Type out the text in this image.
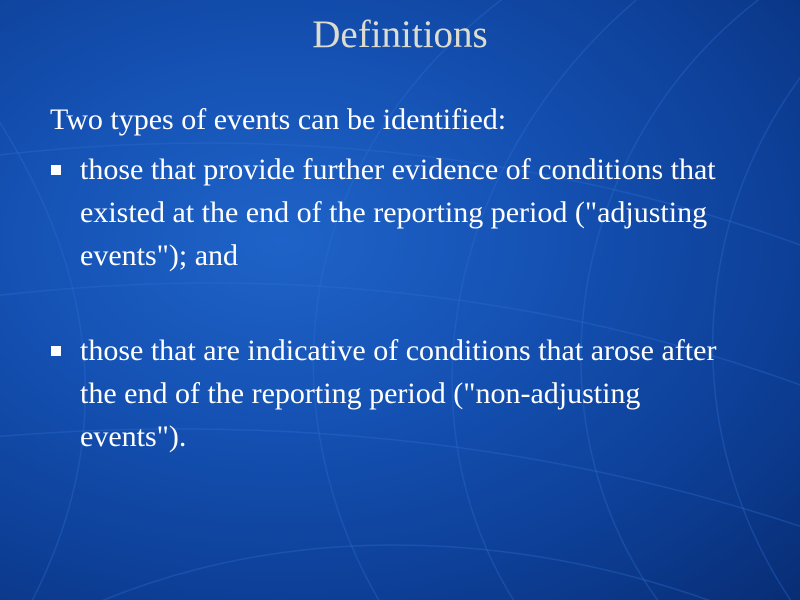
Definitions
Two types of events can be identified:
those that provide further evidence of conditions that existed at the end of the reporting period ("adjusting events"); and
those that are indicative of conditions that arose after the end of the reporting period ("non-adjusting events").
